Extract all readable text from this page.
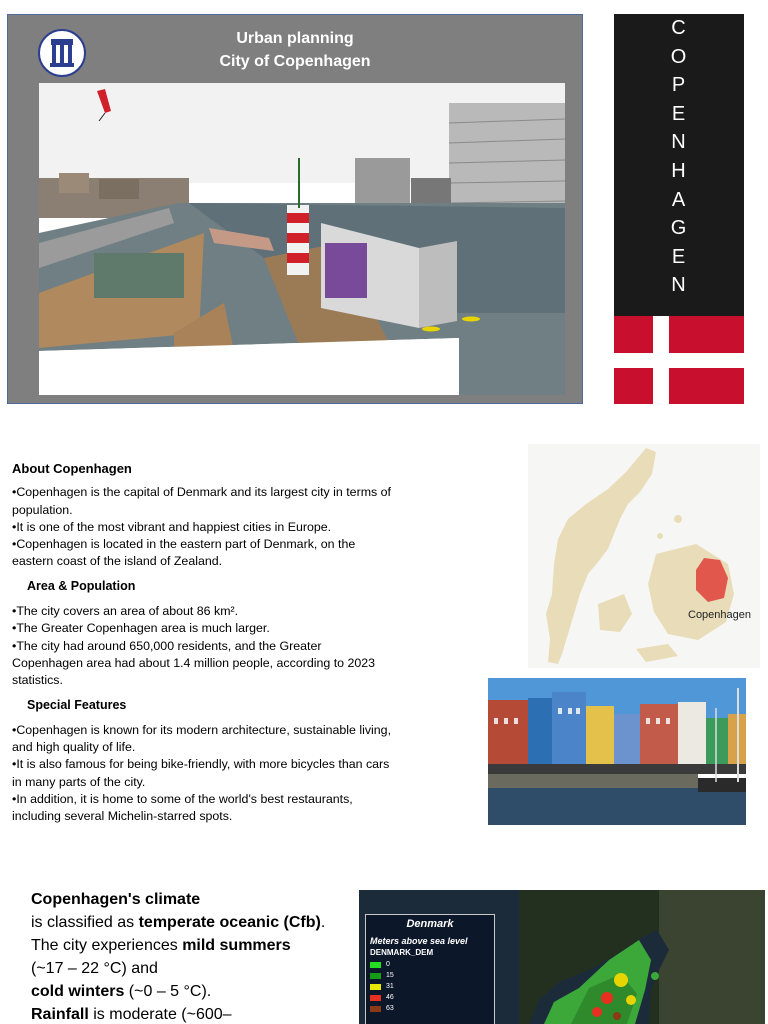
Urban planning
City of Copenhagen
C
O
P
E
N
H
A
G
E
N
About Copenhagen

•Copenhagen is the capital of Denmark and its largest city in terms of population.

•It is one of the most vibrant and happiest cities in Europe.

•Copenhagen is located in the eastern part of Denmark, on the eastern coast of the island of Zealand.

Area & Population

•The city covers an area of about 86 km².

•The Greater Copenhagen area is much larger.

•The city had around 650,000 residents, and the Greater Copenhagen area had about 1.4 million people, according to 2023 statistics.

Special Features

•Copenhagen is known for its modern architecture, sustainable living, and high quality of life.

•It is also famous for being bike-friendly, with more bicycles than cars in many parts of the city.

•In addition, it is home to some of the world's best restaurants, including several Michelin-starred spots.

Copenhagen
Copenhagen's climate
is classified as temperate oceanic (Cfb).
The city experiences mild summers
(~17 – 22 °C) and
cold winters (~0 – 5 °C).
Rainfall is moderate (~600–
Denmark
Meters above sea level
DENMARK_DEM
0
15
31
46
63
